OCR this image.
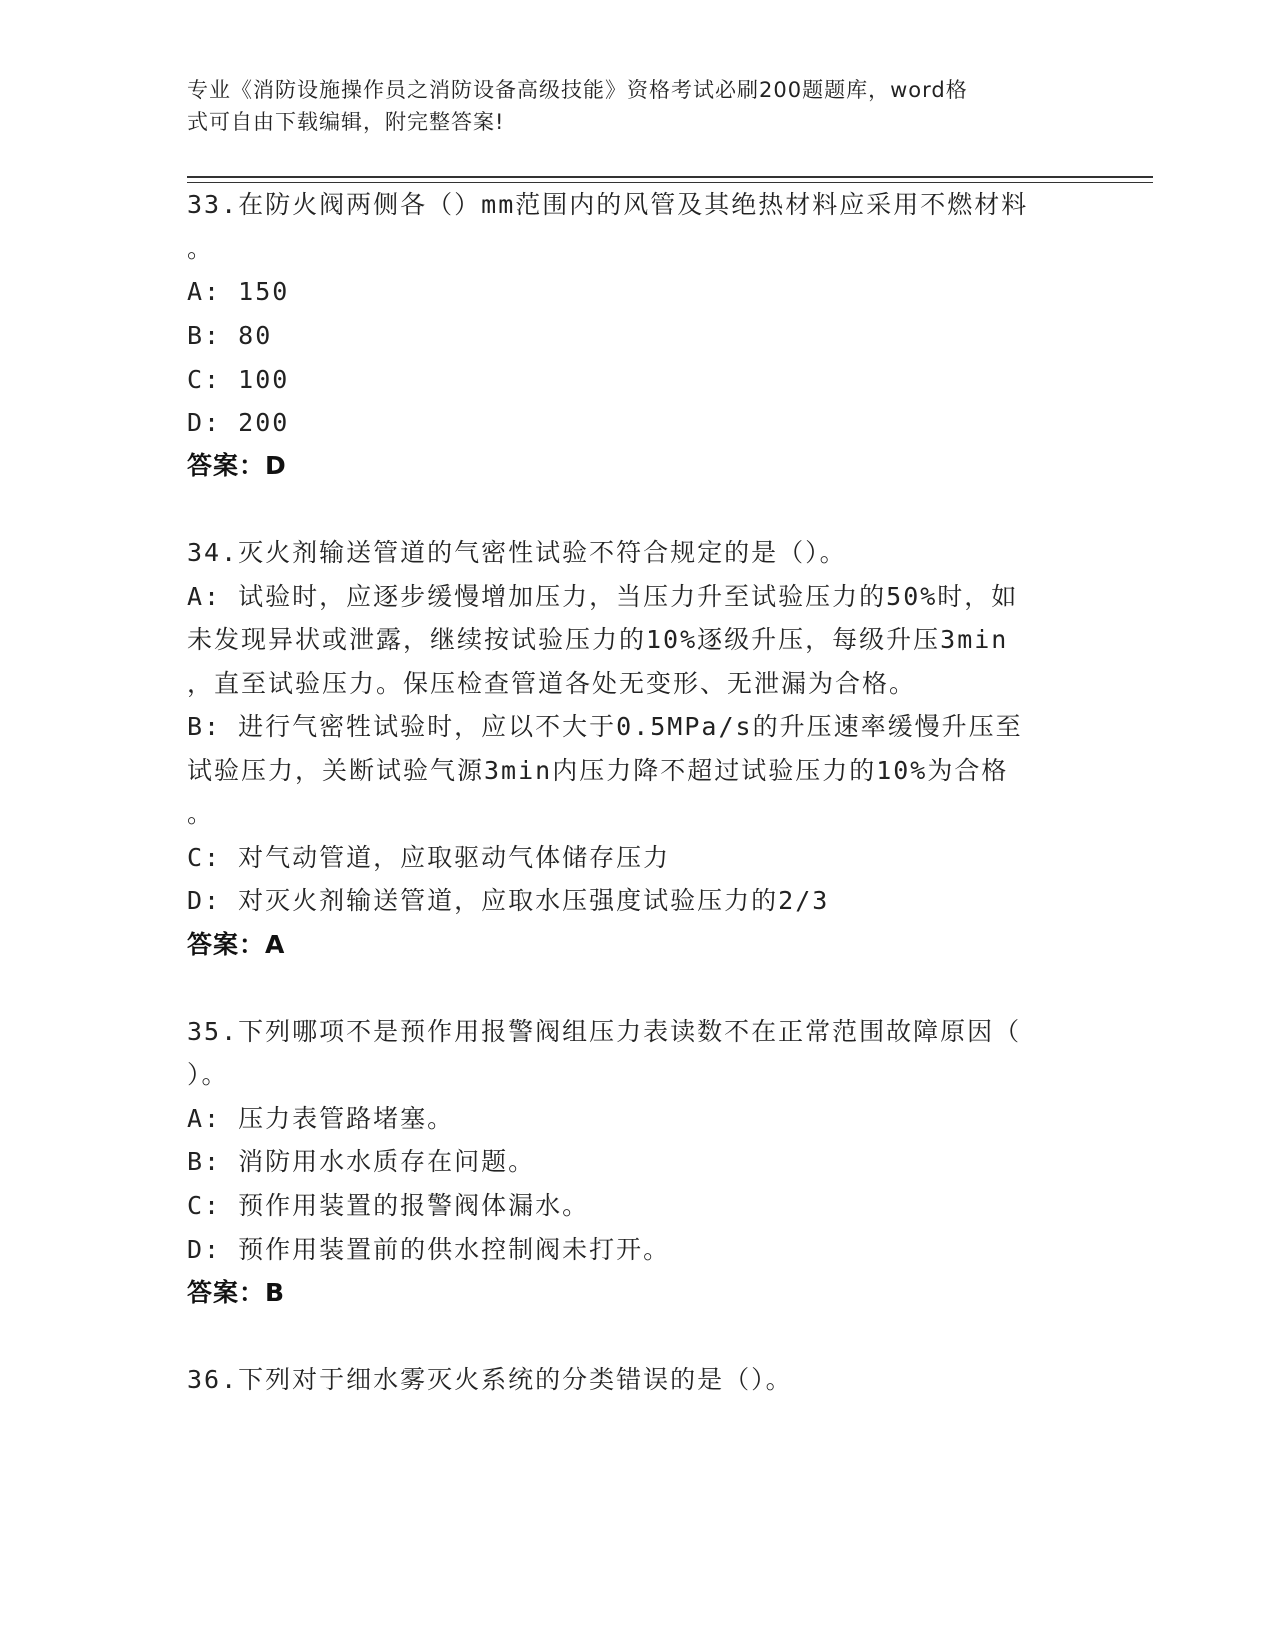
专业《消防设施操作员之消防设备高级技能》资格考试必刷200题题库，word格
式可自由下载编辑，附完整答案!
33.在防火阀两侧各（）mm范围内的风管及其绝热材料应采用不燃材料
。
A: 150
B: 80
C: 100
D: 200
答案：D
34.灭火剂输送管道的气密性试验不符合规定的是（）。
A: 试验时，应逐步缓慢增加压力，当压力升至试验压力的50%时，如
未发现异状或泄露，继续按试验压力的10%逐级升压，每级升压3min
，直至试验压力。保压检查管道各处无变形、无泄漏为合格。
B: 进行气密牲试验时，应以不大于0.5MPa/s的升压速率缓慢升压至
试验压力，关断试验气源3min内压力降不超过试验压力的10%为合格
。
C: 对气动管道，应取驱动气体储存压力
D: 对灭火剂输送管道，应取水压强度试验压力的2/3
答案：A
35.下列哪项不是预作用报警阀组压力表读数不在正常范围故障原因（
）。
A: 压力表管路堵塞。
B: 消防用水水质存在问题。
C: 预作用装置的报警阀体漏水。
D: 预作用装置前的供水控制阀未打开。
答案：B
36.下列对于细水雾灭火系统的分类错误的是（）。
